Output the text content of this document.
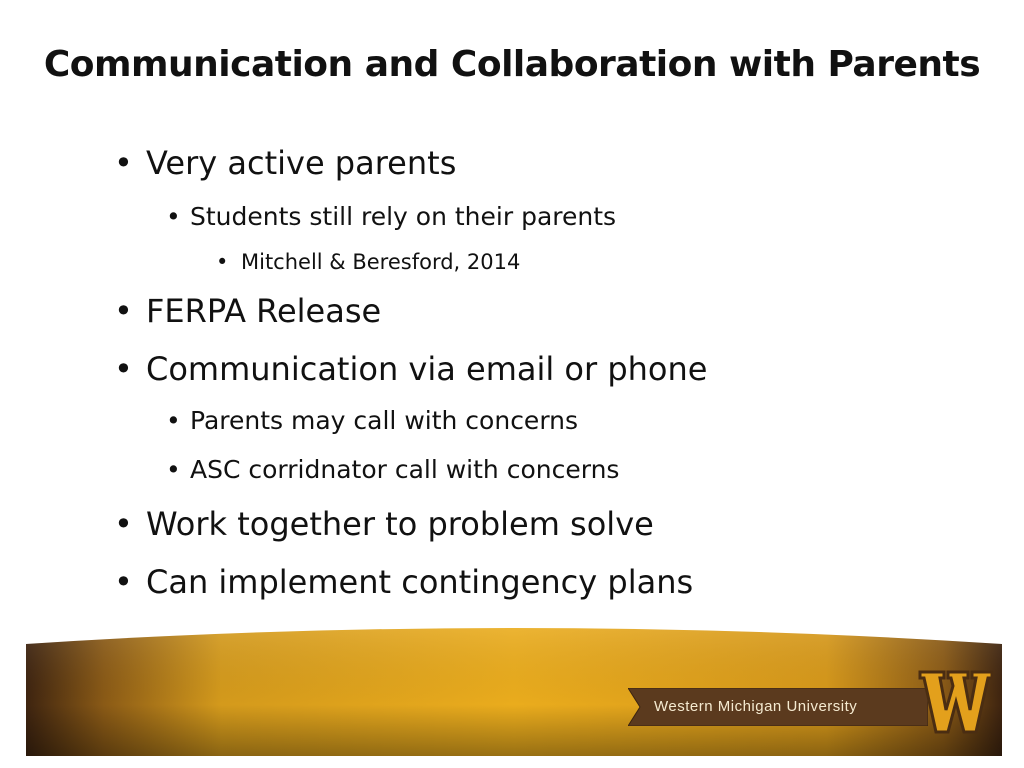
Communication and Collaboration with Parents
• Very active parents
• Students still rely on their parents
• Mitchell & Beresford, 2014
• FERPA Release
• Communication via email or phone
• Parents may call with concerns
• ASC corridnator call with concerns
• Work together to problem solve
• Can implement contingency plans
Western Michigan University
